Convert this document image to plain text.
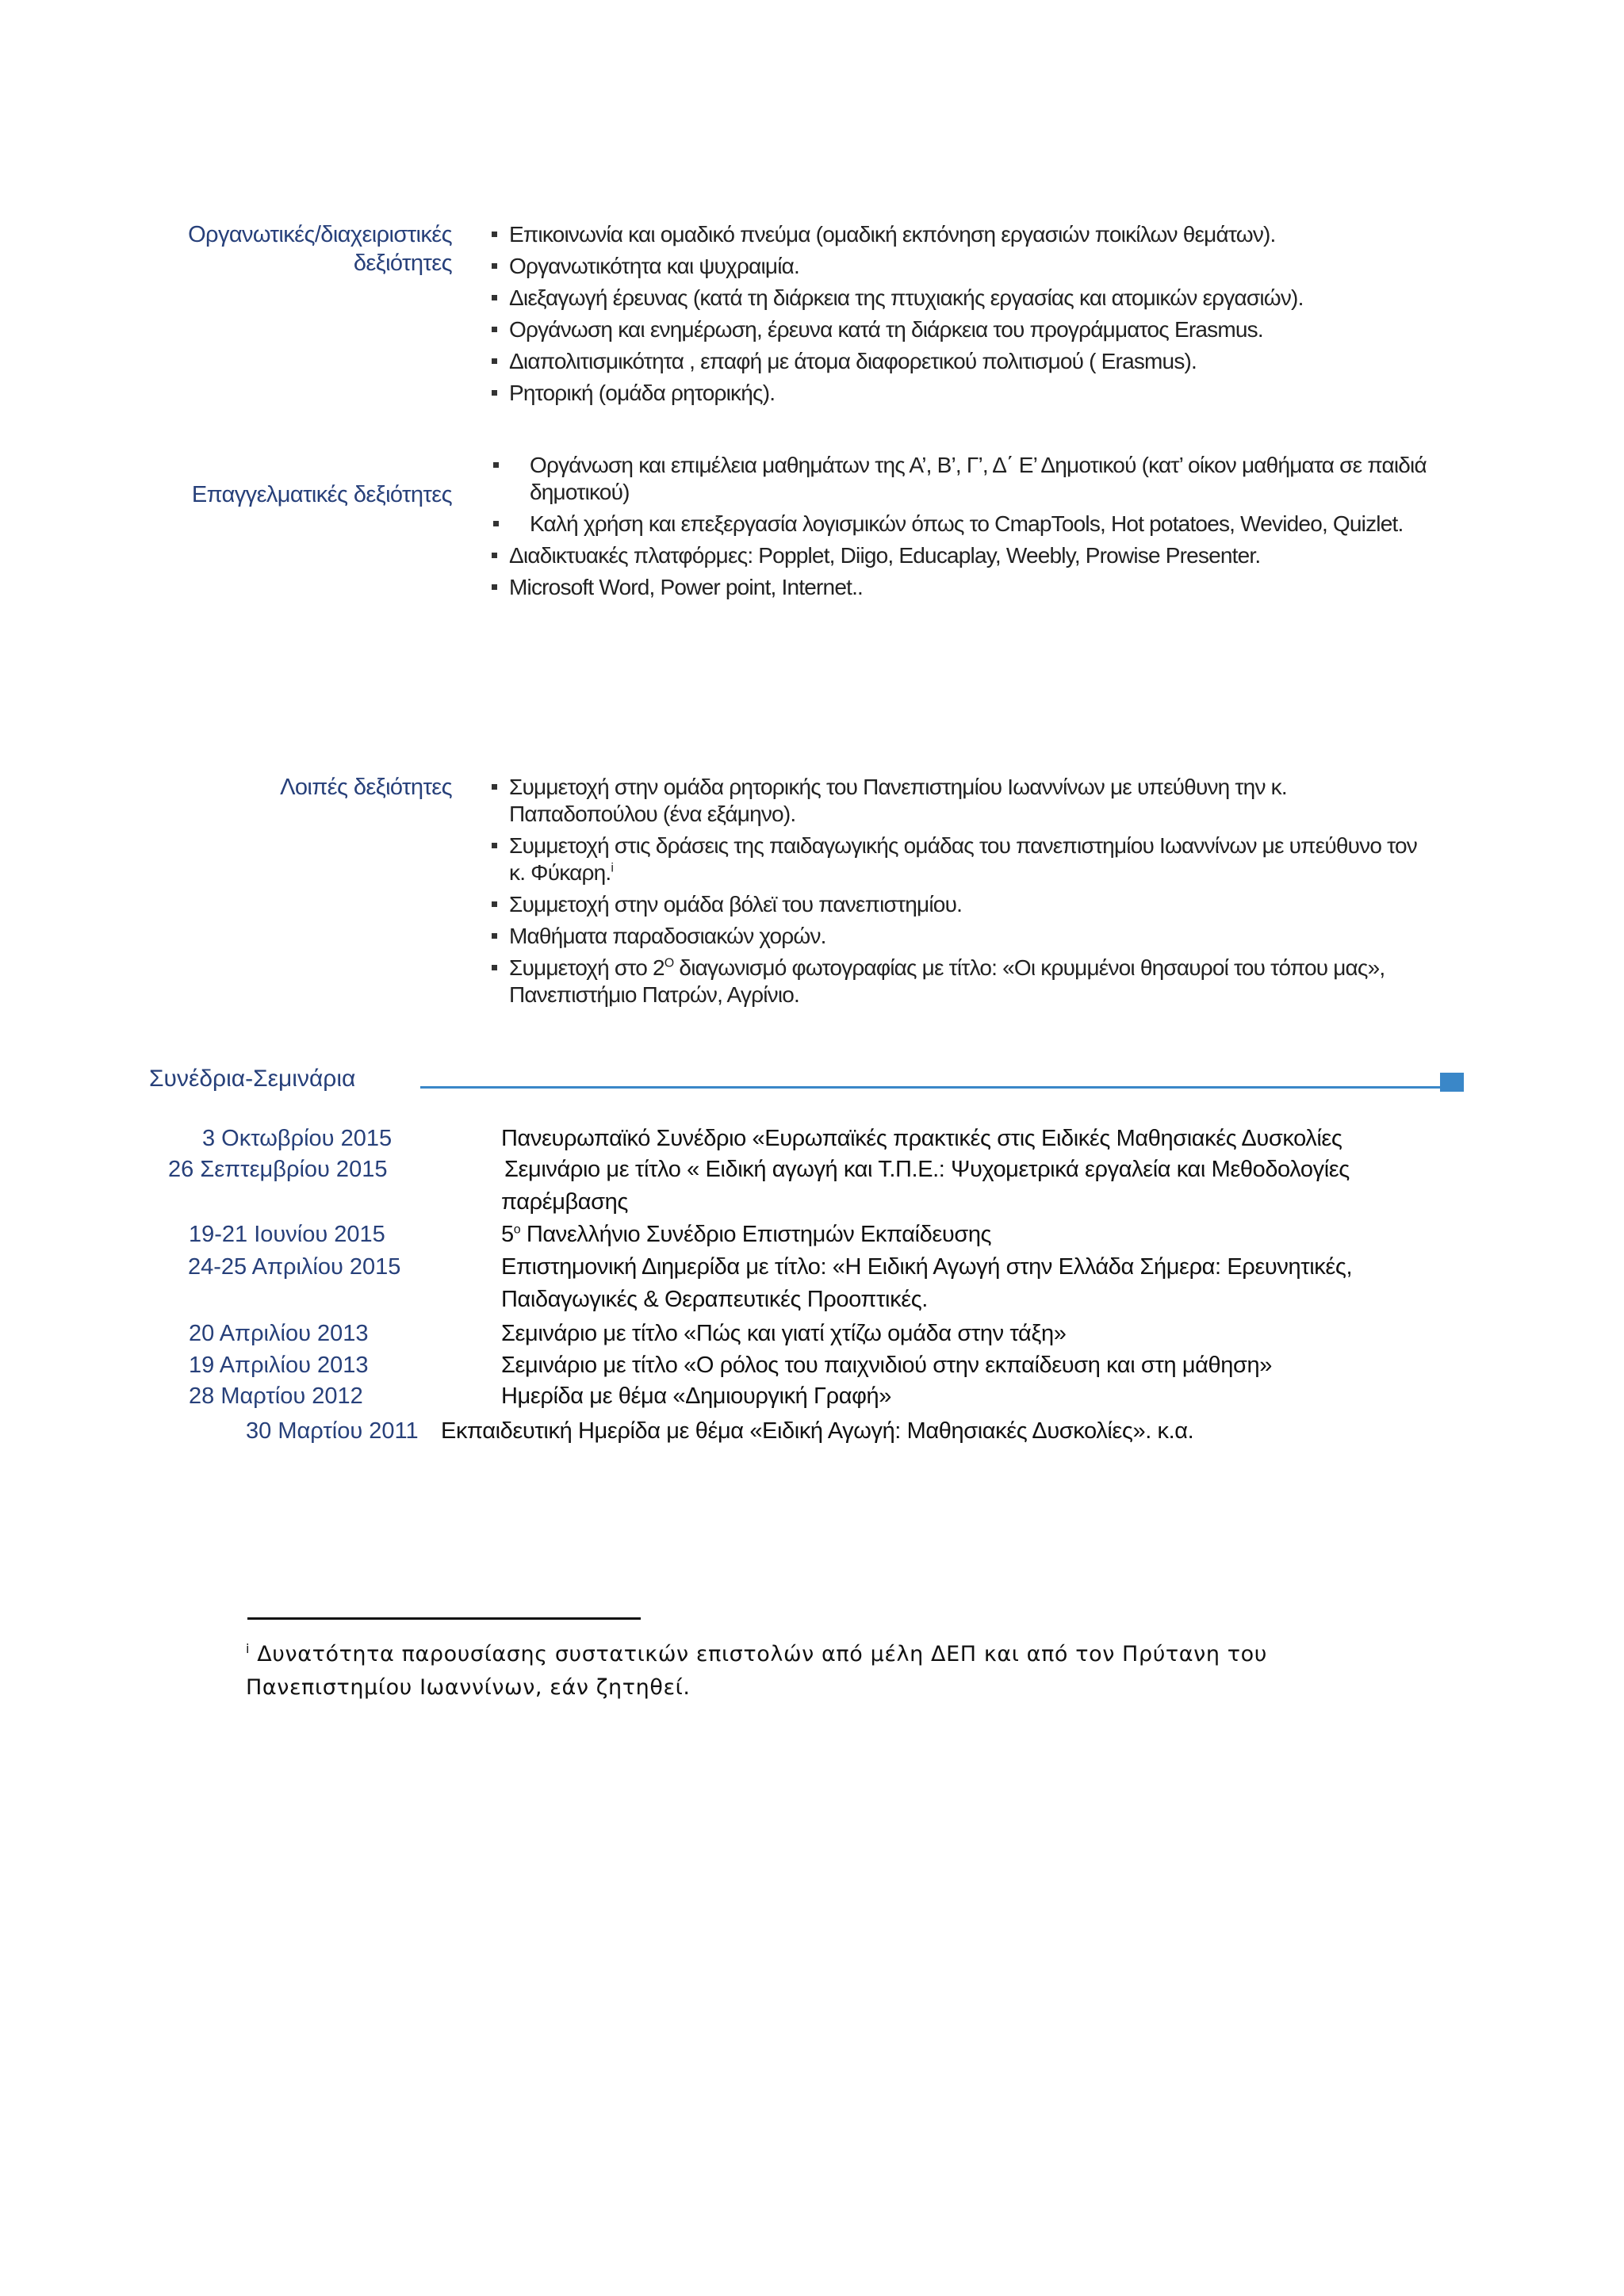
Οργανωτικές/διαχειριστικές
δεξιότητες
Επικοινωνία και ομαδικό πνεύμα (ομαδική εκπόνηση εργασιών ποικίλων θεμάτων).
Οργανωτικότητα και ψυχραιμία.
Διεξαγωγή έρευνας (κατά τη διάρκεια της πτυχιακής εργασίας και ατομικών εργασιών).
Οργάνωση και ενημέρωση, έρευνα κατά τη διάρκεια του προγράμματος Erasmus.
Διαπολιτισμικότητα , επαφή με άτομα διαφορετικού πολιτισμού ( Erasmus).
Ρητορική (ομάδα ρητορικής).
Επαγγελματικές δεξιότητες
Οργάνωση και επιμέλεια μαθημάτων της Α’, Β’, Γ’, Δ΄ Ε’ Δημοτικού (κατ’ οίκον μαθήματα σε παιδιά
δημοτικού)
Καλή χρήση και επεξεργασία λογισμικών όπως το CmapTools, Hot potatoes, Wevideo, Quizlet.
Διαδικτυακές πλατφόρμες: Popplet, Diigo, Educaplay, Weebly, Prowise Presenter.
Microsoft Word, Power point, Internet..
Λοιπές δεξιότητες	Συμμετοχή στην ομάδα ρητορικής του Πανεπιστημίου Ιωαννίνων με υπεύθυνη την κ.
Παπαδοπούλου (ένα εξάμηνο).
Συμμετοχή στις δράσεις της παιδαγωγικής ομάδας του πανεπιστημίου Ιωαννίνων με υπεύθυνο τον
κ. Φύκαρη.$^i$
Συμμετοχή στην ομάδα βόλεϊ του πανεπιστημίου.
Μαθήματα παραδοσιακών χορών.
Συμμετοχή στο $2^O$ διαγωνισμό φωτογραφίας με τίτλο: «Οι κρυμμένοι θησαυροί του τόπου μας»,
Πανεπιστήμιο Πατρών, Αγρίνιο.
Συνέδρια-Σεμινάρια
3 Οκτωβρίου 2015	Πανευρωπαϊκό Συνέδριο «Ευρωπαϊκές πρακτικές στις Ειδικές Μαθησιακές Δυσκολίες
26 Σεπτεμβρίου 2015	Σεμινάριο με τίτλο « Ειδική αγωγή και Τ.Π.Ε.: Ψυχομετρικά εργαλεία και Μεθοδολογίες
παρέμβασης
19-21 Ιουνίου 2015	$5^o$ Πανελλήνιο Συνέδριο Επιστημών Εκπαίδευσης
24-25 Απριλίου 2015	Επιστημονική Διημερίδα με τίτλο: «Η Ειδική Αγωγή στην Ελλάδα Σήμερα: Ερευνητικές,
Παιδαγωγικές & Θεραπευτικές Προοπτικές.
20 Απριλίου 2013	Σεμινάριο με τίτλο «Πώς και γιατί χτίζω ομάδα στην τάξη»
19 Απριλίου 2013	Σεμινάριο με τίτλο «Ο ρόλος του παιχνιδιού στην εκπαίδευση και στη μάθηση»
28 Μαρτίου 2012	Ημερίδα με θέμα «Δημιουργική Γραφή»
30 Μαρτίου 2011 Εκπαιδευτική Ημερίδα με θέμα «Ειδική Αγωγή: Μαθησιακές Δυσκολίες». κ.α.
$^i$ Δυνατότητα παρουσίασης συστατικών επιστολών από μέλη ΔΕΠ και από τον Πρύτανη του
Πανεπιστημίου Ιωαννίνων, εάν ζητηθεί.
